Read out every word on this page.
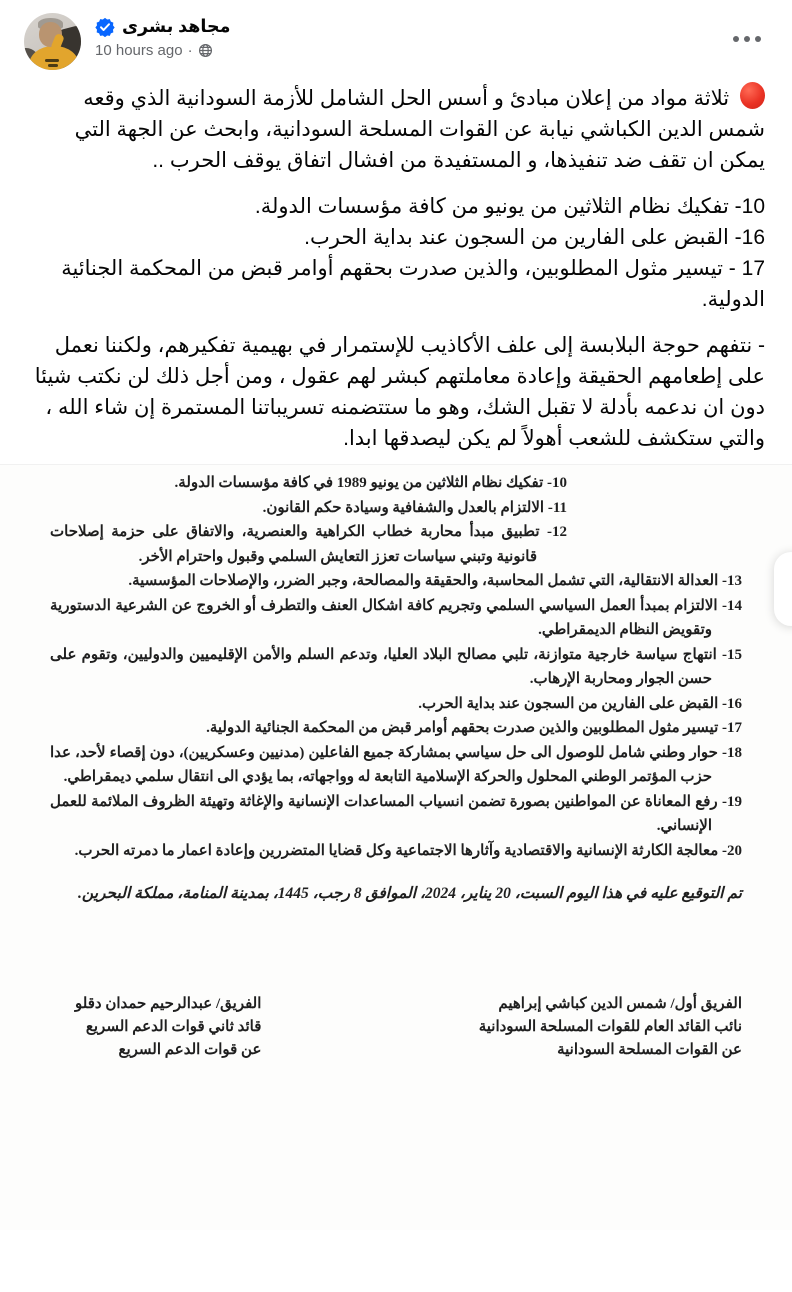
مجاهد بشرى
10 hours ago ·

ثلاثة مواد من إعلان مبادئ و أسس الحل الشامل للأزمة السودانية الذي وقعه شمس الدين الكباشي نيابة عن القوات المسلحة السودانية، وابحث عن الجهة التي يمكن ان تقف ضد تنفيذها، و المستفيدة من افشال اتفاق يوقف الحرب ..

10- تفكيك نظام الثلاثين من يونيو من كافة مؤسسات الدولة.
16- القبض على الفارين من السجون عند بداية الحرب.
17 - تيسير مثول المطلوبين، والذين صدرت بحقهم أوامر قبض من المحكمة الجنائية الدولية.

- نتفهم حوجة البلابسة إلى علف الأكاذيب للإستمرار في بهيمية تفكيرهم، ولكننا نعمل على إطعامهم الحقيقة وإعادة معاملتهم كبشر لهم عقول ، ومن أجل ذلك لن نكتب شيئا دون ان ندعمه بأدلة لا تقبل الشك، وهو ما ستتضمنه تسريباتنا المستمرة إن شاء الله ، والتي ستكشف للشعب أهولاً لم يكن ليصدقها ابدا.

10- تفكيك نظام الثلاثين من يونيو 1989 في كافة مؤسسات الدولة.
11- الالتزام بالعدل والشفافية وسيادة حكم القانون.
12- تطبيق مبدأ محاربة خطاب الكراهية والعنصرية، والاتفاق على حزمة إصلاحات قانونية وتبني سياسات تعزز التعايش السلمي وقبول واحترام الأخر.
13- العدالة الانتقالية، التي تشمل المحاسبة، والحقيقة والمصالحة، وجبر الضرر، والإصلاحات المؤسسية.
14- الالتزام بمبدأ العمل السياسي السلمي وتجريم كافة اشكال العنف والتطرف أو الخروج عن الشرعية الدستورية وتقويض النظام الديمقراطي.
15- انتهاج سياسة خارجية متوازنة، تلبي مصالح البلاد العليا، وتدعم السلم والأمن الإقليميين والدوليين، وتقوم على حسن الجوار ومحاربة الإرهاب.
16- القبض على الفارين من السجون عند بداية الحرب.
17- تيسير مثول المطلوبين والذين صدرت بحقهم أوامر قبض من المحكمة الجنائية الدولية.
18- حوار وطني شامل للوصول الى حل سياسي بمشاركة جميع الفاعلين (مدنيين وعسكريين)، دون إقصاء لأحد، عدا حزب المؤتمر الوطني المحلول والحركة الإسلامية التابعة له وواجهاته، بما يؤدي الى انتقال سلمي ديمقراطي.
19- رفع المعاناة عن المواطنين بصورة تضمن انسياب المساعدات الإنسانية والإغاثة وتهيئة الظروف الملائمة للعمل الإنساني.
20- معالجة الكارثة الإنسانية والاقتصادية وآثارها الاجتماعية وكل قضايا المتضررين وإعادة اعمار ما دمرته الحرب.
تم التوقيع عليه في هذا اليوم السبت، 20 يناير، 2024، الموافق 8 رجب، 1445، بمدينة المنامة، مملكة البحرين.
الفريق أول/ شمس الدين كباشي إبراهيم
نائب القائد العام للقوات المسلحة السودانية
عن القوات المسلحة السودانية
الفريق/ عبدالرحيم حمدان دقلو
قائد ثاني قوات الدعم السريع
عن قوات الدعم السريع
